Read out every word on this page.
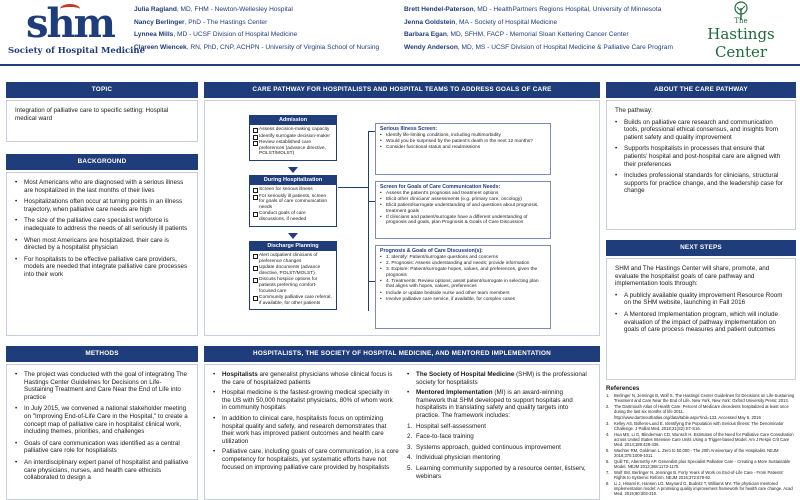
shm
Society of Hospital Medicine
Julia Ragland, MD, FHM - Newton-Wellesley Hospital
Nancy Berlinger, PhD - The Hastings Center
Lynnea Mills, MD - UCSF Division of Hospital Medicine
Clareen Wiencek, RN, PhD, CNP, ACHPN - University of Virginia School of Nursing
Brett Hendel-Paterson, MD - HealthPartners Regions Hospital, University of Minnesota
Jenna Goldstein, MA - Society of Hospital Medicine
Barbara Egan, MD, SFHM, FACP - Memorial Sloan Kettering Cancer Center
Wendy Anderson, MD, MS - UCSF Division of Hospital Medicine & Palliative Care Program
The
Hastings
Center
TOPIC

Integration of palliative care to specific setting: Hospital medical ward

BACKGROUND
• Most Americans who are diagnosed with a serious illness are hospitalized in the last months of their lives
• Hospitalizations often occur at turning points in an illness trajectory, when palliative care needs are high
• The size of the palliative care specialist workforce is inadequate to address the needs of all seriously ill patients
• When most Americans are hospitalized, their care is directed by a hospitalist physician
• For hospitalists to be effective palliative care providers, models are needed that integrate palliative care processes into their work
METHODS
• The project was conducted with the goal of integrating The Hastings Center Guidelines for Decisions on Life-Sustaining Treatment and Care Near the End of Life into practice
• In July 2015, we convened a national stakeholder meeting on "Improving End-of-Life Care in the Hospital," to create a concept map of palliative care in hospitalist clinical work, including themes, priorities, and challenges
• Goals of care communication was identified as a central palliative care role for hospitalists
• An interdisciplinary expert panel of hospitalist and palliative care physicians, nurses, and health care ethicists collaborated to design a
CARE PATHWAY FOR HOSPITALISTS AND HOSPITAL TEAMS TO ADDRESS GOALS OF CARE
Admission
Assess decision-making capacity
Identify surrogate decision-maker
Review established care preferences (advance directive, POLST/MOLST)
During Hospitalization
Screen for serious illness
For seriously ill patients, screen for goals of care communication needs
Conduct goals of care discussions, if needed
Discharge Planning
Alert outpatient clinicians of preference changes
Update documents (advance directive, POLST/MOLST)
Discuss hospice options for patients preferring comfort-focused care
Community palliative care referral, if available, for other patients
Serious Illness Screen:
• Identify life-limiting conditions, including multimorbidity
• Would you be surprised by the patient's death in the next 12 months?
• Consider functional status and readmissions
Screen for Goals of Care Communication Needs:
• Assess the patient's prognosis and treatment options
• Elicit other clinicians' assessments (e.g. primary care, oncology)
• Elicit patient/surrogate understanding of and questions about prognosis, treatment goals
• If clinicians and patient/surrogate have a different understanding of prognosis and goals, plan Prognosis & Goals of Care Discussion
Prognosis & Goals of Care Discussion(s):
• 1. Identify: Patient/surrogate questions and concerns
• 2. Prognosis: Assess understanding and needs; provide information
• 3. Explore: Patient/surrogate hopes, values, and preferences, given the prognosis
• 4. Treatments: Review options; assist patient/surrogate in selecting plan that aligns with hopes, values, preferences
• Include or update bedside nurse and other team members
• Involve palliative care service, if available, for complex cases
HOSPITALISTS, THE SOCIETY OF HOSPITAL MEDICINE, AND MENTORED IMPLEMENTATION
• Hospitalists are generalist physicians whose clinical focus is the care of hospitalized patients
• Hospital medicine is the fastest-growing medical specialty in the US with 50,000 hospitalist physicians, 80% of whom work in community hospitals
• In addition to clinical care, hospitalists focus on optimizing hospital quality and safety, and research demonstrates that their work has improved patient outcomes and health care utilization
• Palliative care, including goals of care communication, is a core competency for hospitalists, yet systematic efforts have not focused on improving palliative care provided by hospitalists
• The Society of Hospital Medicine (SHM) is the professional society for hospitalists
• Mentored Implementation (MI) is an award-winning framework that SHM developed to support hospitals and hospitalists in translating safety and quality targets into practice. The framework includes:
1. Hospital self-assessment
2. Face-to-face training
3. Systems approach, guided continuous improvement
4. Individual physician mentoring
5. Learning community supported by a resource center, listserv, webinars
ABOUT THE CARE PATHWAY

The pathway:

• Builds on palliative care research and communication tools, professional ethical consensus, and insights from patient safety and quality improvement
• Supports hospitalists in processes that ensure that patients' hospital and post-hospital care are aligned with their preferences
• Includes professional standards for clinicians, structural supports for practice change, and the leadership case for change
NEXT STEPS

SHM and The Hastings Center will share, promote, and evaluate the hospitalist goals of care pathway and implementation tools through:

• A publicly available quality improvement Resource Room on the SHM website, launching in Fall 2016
• A Mentored Implementation program, which will include evaluation of the impact of pathway implementation on goals of care process measures and patient outcomes
References
1. Berlinger N, Jennings B, Wolf S. The Hastings Center Guidelines for Decisions on Life-Sustaining Treatment and Care Near the End of Life. New York, New York: Oxford University Press; 2013.
2. The Dartmouth Atlas of Health Care. Percent of Medicare decedents hospitalized at least once during the last six months of life 2011.
http://www.dartmouthatlas.org/data/table.aspx?ind=133. Accessed May 6, 2016
3. Kelley AS, Bollens-Lund E. Identifying the Population with Serious Illness: The Denominator Challenge. J Palliat Med. 2018;21(S2):S7-S16.
4. Hua MS, Li G, Blinderman CD, Wunsch H. Estimates of the Need for Palliative Care Consultation across United States Intensive Care Units Using a Trigger-based Model. Am J Respir Crit Care Med. 2014;189:428-436.
5. Wachter RM, Goldman L. Zero to 50,000 - The 20th Anniversary of the Hospitalist. NEJM 2016;375:1009-1011.
6. Quill TE, Abernethy AP. Generalist plus Specialist Palliative Care - Creating a More Sustainable Model. NEJM 2013;368:1173-1175.
7. Wolf SM, Berlinger N, Jennings B. Forty Years of Work on End-of-Life Care - From Patients' Rights to Systemic Reform. NEJM 2015;372:678-82.
8. Li J, Hinami K, Hansen LO, Maynard G, Budnitz T, Williams MV. The physician mentored implementation model: A promising quality improvement framework for health care change. Acad Med. 2015;90:303-310.
